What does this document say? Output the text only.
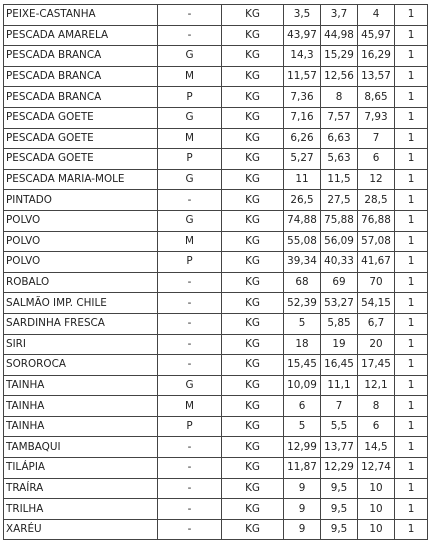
PEIXE-CASTANHA	-	KG	3,5	3,7	4	1
PESCADA AMARELA	-	KG	43,97	44,98	45,97	1
PESCADA BRANCA	G	KG	14,3	15,29	16,29	1
PESCADA BRANCA	M	KG	11,57	12,56	13,57	1
PESCADA BRANCA	P	KG	7,36	8	8,65	1
PESCADA GOETE	G	KG	7,16	7,57	7,93	1
PESCADA GOETE	M	KG	6,26	6,63	7	1
PESCADA GOETE	P	KG	5,27	5,63	6	1
PESCADA MARIA-MOLE	G	KG	11	11,5	12	1
PINTADO	-	KG	26,5	27,5	28,5	1
POLVO	G	KG	74,88	75,88	76,88	1
POLVO	M	KG	55,08	56,09	57,08	1
POLVO	P	KG	39,34	40,33	41,67	1
ROBALO	-	KG	68	69	70	1
SALMÃO IMP. CHILE	-	KG	52,39	53,27	54,15	1
SARDINHA FRESCA	-	KG	5	5,85	6,7	1
SIRI	-	KG	18	19	20	1
SOROROCA	-	KG	15,45	16,45	17,45	1
TAINHA	G	KG	10,09	11,1	12,1	1
TAINHA	M	KG	6	7	8	1
TAINHA	P	KG	5	5,5	6	1
TAMBAQUI	-	KG	12,99	13,77	14,5	1
TILÁPIA	-	KG	11,87	12,29	12,74	1
TRAÍRA	-	KG	9	9,5	10	1
TRILHA	-	KG	9	9,5	10	1
XARÉU	-	KG	9	9,5	10	1
